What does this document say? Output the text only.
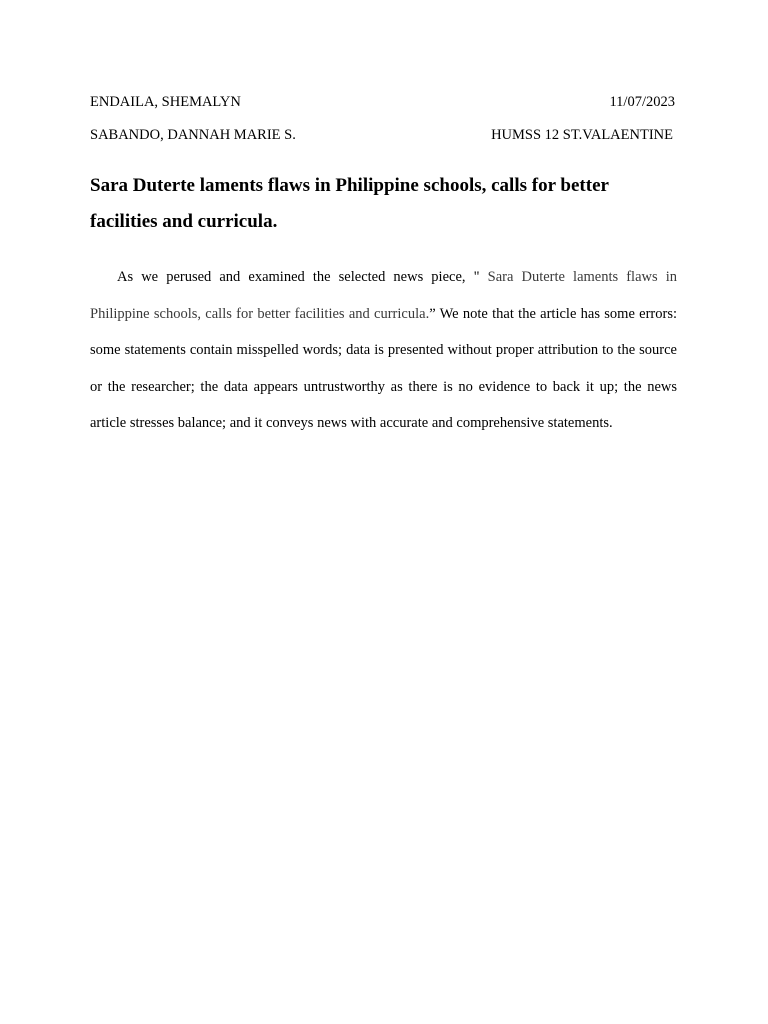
ENDAILA, SHEMALYN	11/07/2023
SABANDO, DANNAH MARIE S.	HUMSS 12 ST.VALAENTINE
Sara Duterte laments flaws in Philippine schools, calls for better facilities and curricula.

As we perused and examined the selected news piece, " Sara Duterte laments flaws in Philippine schools, calls for better facilities and curricula.” We note that the article has some errors: some statements contain misspelled words; data is presented without proper attribution to the source or the researcher; the data appears untrustworthy as there is no evidence to back it up; the news article stresses balance; and it conveys news with accurate and comprehensive statements.
